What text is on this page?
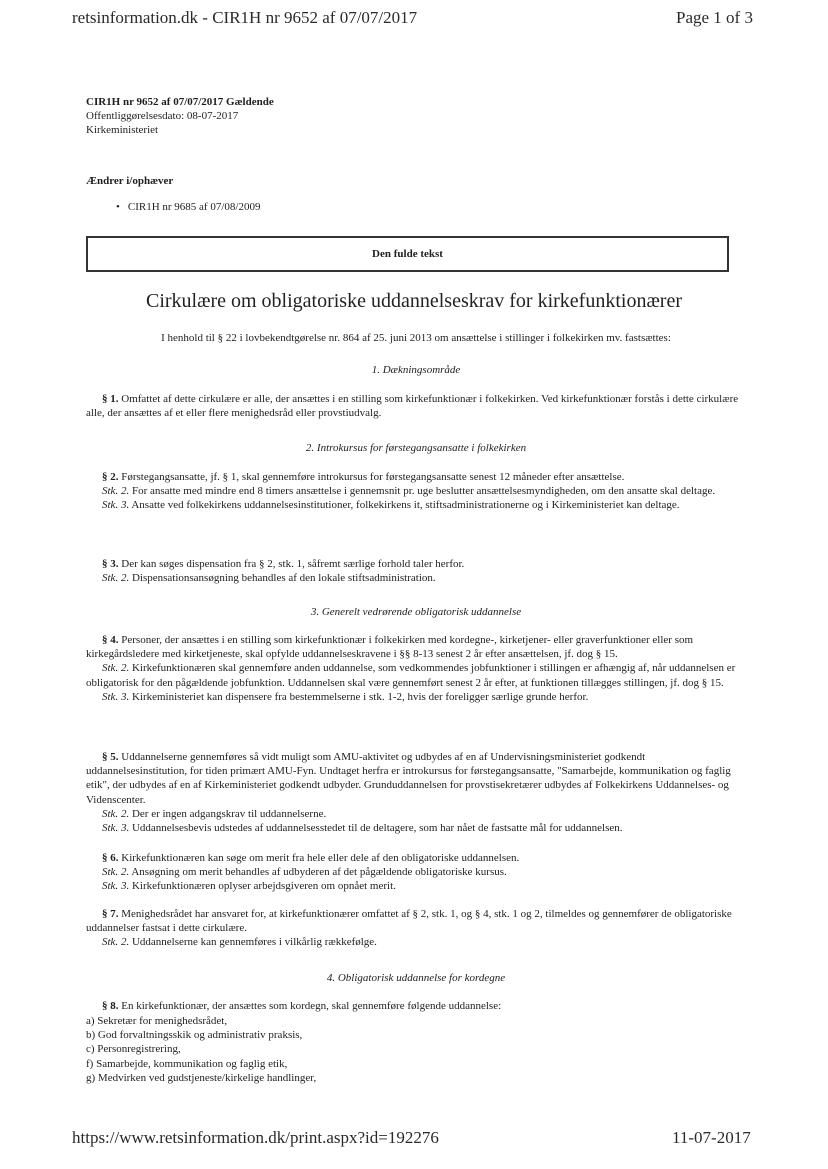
retsinformation.dk - CIR1H nr 9652 af 07/07/2017	Page 1 of 3
CIR1H nr 9652 af 07/07/2017 Gældende
Offentliggørelsesdato: 08-07-2017
Kirkeministeriet
Ændrer i/ophæver
• CIR1H nr 9685 af 07/08/2009
Den fulde tekst
Cirkulære om obligatoriske uddannelseskrav for kirkefunktionærer
I henhold til § 22 i lovbekendtgørelse nr. 864 af 25. juni 2013 om ansættelse i stillinger i folkekirken mv. fastsættes:
1. Dækningsområde
§ 1. Omfattet af dette cirkulære er alle, der ansættes i en stilling som kirkefunktionær i folkekirken. Ved kirkefunktionær forstås i dette cirkulære alle, der ansættes af et eller flere menighedsråd eller provstiudvalg.
2. Introkursus for førstegangsansatte i folkekirken
§ 2. Førstegangsansatte, jf. § 1, skal gennemføre introkursus for førstegangsansatte senest 12 måneder efter ansættelse.
Stk. 2. For ansatte med mindre end 8 timers ansættelse i gennemsnit pr. uge beslutter ansættelsesmyndigheden, om den ansatte skal deltage.
Stk. 3. Ansatte ved folkekirkens uddannelsesinstitutioner, folkekirkens it, stiftsadministrationerne og i Kirkeministeriet kan deltage.
§ 3. Der kan søges dispensation fra § 2, stk. 1, såfremt særlige forhold taler herfor.
Stk. 2. Dispensationsansøgning behandles af den lokale stiftsadministration.
3. Generelt vedrørende obligatorisk uddannelse
§ 4. Personer, der ansættes i en stilling som kirkefunktionær i folkekirken med kordegne-, kirketjener- eller graverfunktioner eller som kirkegårdsledere med kirketjeneste, skal opfylde uddannelseskravene i §§ 8-13 senest 2 år efter ansættelsen, jf. dog § 15.
Stk. 2. Kirkefunktionæren skal gennemføre anden uddannelse, som vedkommendes jobfunktioner i stillingen er afhængig af, når uddannelsen er obligatorisk for den pågældende jobfunktion. Uddannelsen skal være gennemført senest 2 år efter, at funktionen tillægges stillingen, jf. dog § 15.
Stk. 3. Kirkeministeriet kan dispensere fra bestemmelserne i stk. 1-2, hvis der foreligger særlige grunde herfor.
§ 5. Uddannelserne gennemføres så vidt muligt som AMU-aktivitet og udbydes af en af Undervisningsministeriet godkendt uddannelsesinstitution, for tiden primært AMU-Fyn. Undtaget herfra er introkursus for førstegangsansatte, "Samarbejde, kommunikation og faglig etik", der udbydes af en af Kirkeministeriet godkendt udbyder. Grunduddannelsen for provstisekretærer udbydes af Folkekirkens Uddannelses- og Videnscenter.
Stk. 2. Der er ingen adgangskrav til uddannelserne.
Stk. 3. Uddannelsesbevis udstedes af uddannelsesstedet til de deltagere, som har nået de fastsatte mål for uddannelsen.
§ 6. Kirkefunktionæren kan søge om merit fra hele eller dele af den obligatoriske uddannelsen.
Stk. 2. Ansøgning om merit behandles af udbyderen af det pågældende obligatoriske kursus.
Stk. 3. Kirkefunktionæren oplyser arbejdsgiveren om opnået merit.
§ 7. Menighedsrådet har ansvaret for, at kirkefunktionærer omfattet af § 2, stk. 1, og § 4, stk. 1 og 2, tilmeldes og gennemfører de obligatoriske uddannelser fastsat i dette cirkulære.
Stk. 2. Uddannelserne kan gennemføres i vilkårlig rækkefølge.
4. Obligatorisk uddannelse for kordegne
§ 8. En kirkefunktionær, der ansættes som kordegn, skal gennemføre følgende uddannelse:
a) Sekretær for menighedsrådet,
b) God forvaltningsskik og administrativ praksis,
c) Personregistrering,
f) Samarbejde, kommunikation og faglig etik,
g) Medvirken ved gudstjeneste/kirkelige handlinger,
https://www.retsinformation.dk/print.aspx?id=192276	11-07-2017
